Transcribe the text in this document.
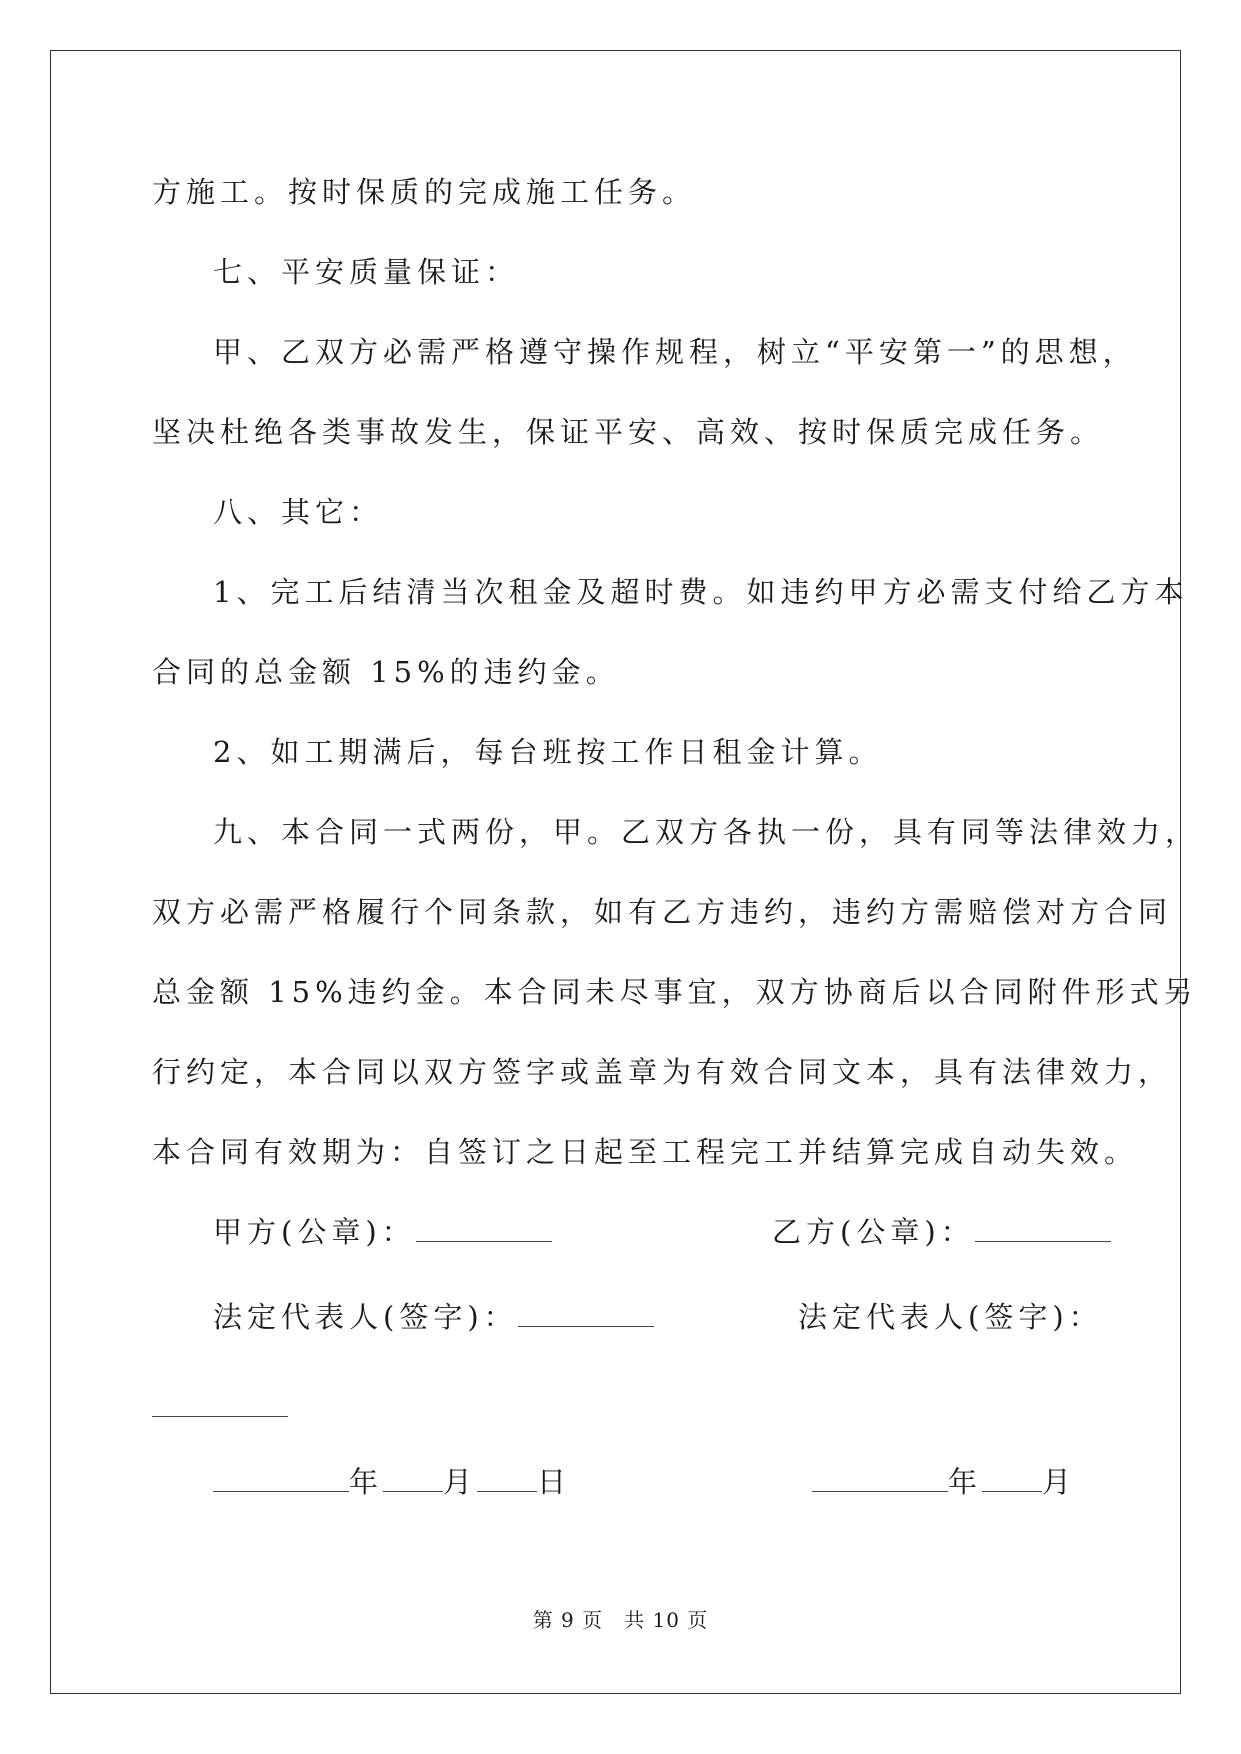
方施工。按时保质的完成施工任务。
七、平安质量保证：
甲、乙双方必需严格遵守操作规程，树立“平安第一”的思想，
坚决杜绝各类事故发生，保证平安、高效、按时保质完成任务。
八、其它：
1、完工后结清当次租金及超时费。如违约甲方必需支付给乙方本
合同的总金额 15%的违约金。
2、如工期满后，每台班按工作日租金计算。
九、本合同一式两份，甲。乙双方各执一份，具有同等法律效力，
双方必需严格履行个同条款，如有乙方违约，违约方需赔偿对方合同
总金额 15%违约金。本合同未尽事宜，双方协商后以合同附件形式另
行约定，本合同以双方签字或盖章为有效合同文本，具有法律效力，
本合同有效期为：自签订之日起至工程完工并结算完成自动失效。
甲方(公章)：	乙方(公章)：
法定代表人(签字)：	法定代表人(签字)：
年 月 日	年 月
第 9 页　共 10 页
